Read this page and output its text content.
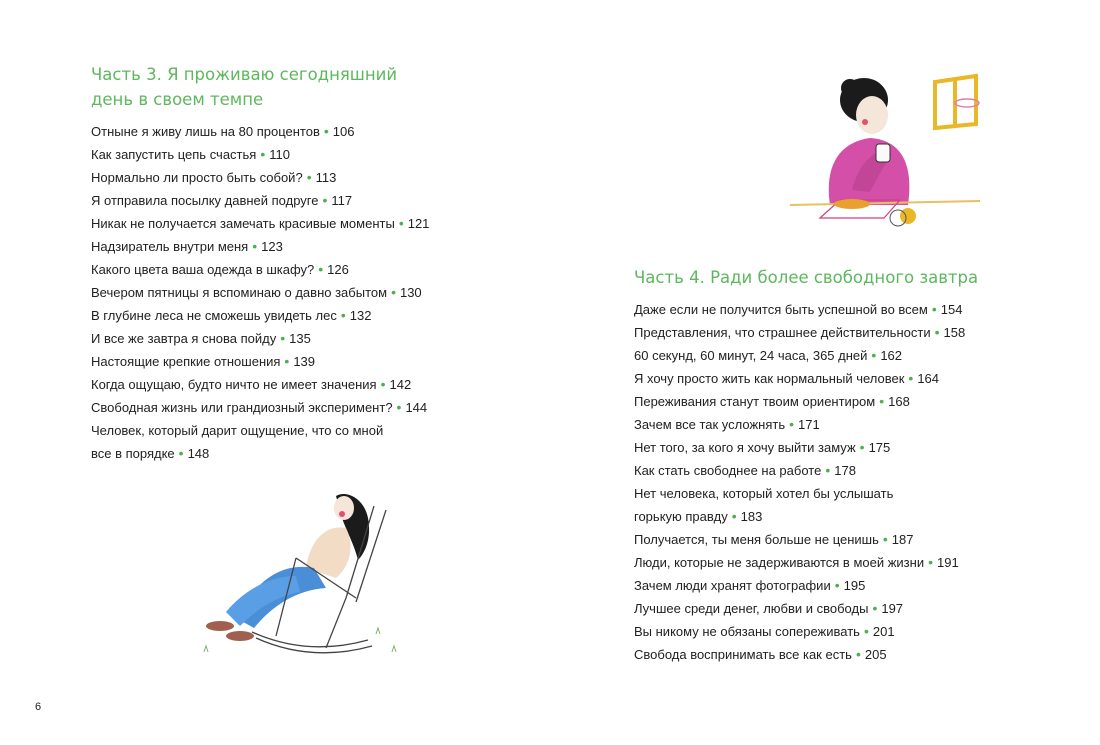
Часть 3. Я проживаю сегодняшний день в своем темпе
Отныне я живу лишь на 80 процентов • 106
Как запустить цепь счастья • 110
Нормально ли просто быть собой? • 113
Я отправила посылку давней подруге • 117
Никак не получается замечать красивые моменты • 121
Надзиратель внутри меня • 123
Какого цвета ваша одежда в шкафу? • 126
Вечером пятницы я вспоминаю о давно забытом • 130
В глубине леса не сможешь увидеть лес • 132
И все же завтра я снова пойду • 135
Настоящие крепкие отношения • 139
Когда ощущаю, будто ничто не имеет значения • 142
Свободная жизнь или грандиозный эксперимент? • 144
Человек, который дарит ощущение, что со мной все в порядке • 148
Часть 4. Ради более свободного завтра
Даже если не получится быть успешной во всем • 154
Представления, что страшнее действительности • 158
60 секунд, 60 минут, 24 часа, 365 дней • 162
Я хочу просто жить как нормальный человек • 164
Переживания станут твоим ориентиром • 168
Зачем все так усложнять • 171
Нет того, за кого я хочу выйти замуж • 175
Как стать свободнее на работе • 178
Нет человека, который хотел бы услышать горькую правду • 183
Получается, ты меня больше не ценишь • 187
Люди, которые не задерживаются в моей жизни • 191
Зачем люди хранят фотографии • 195
Лучшее среди денег, любви и свободы • 197
Вы никому не обязаны сопереживать • 201
Свобода воспринимать все как есть • 205
6
